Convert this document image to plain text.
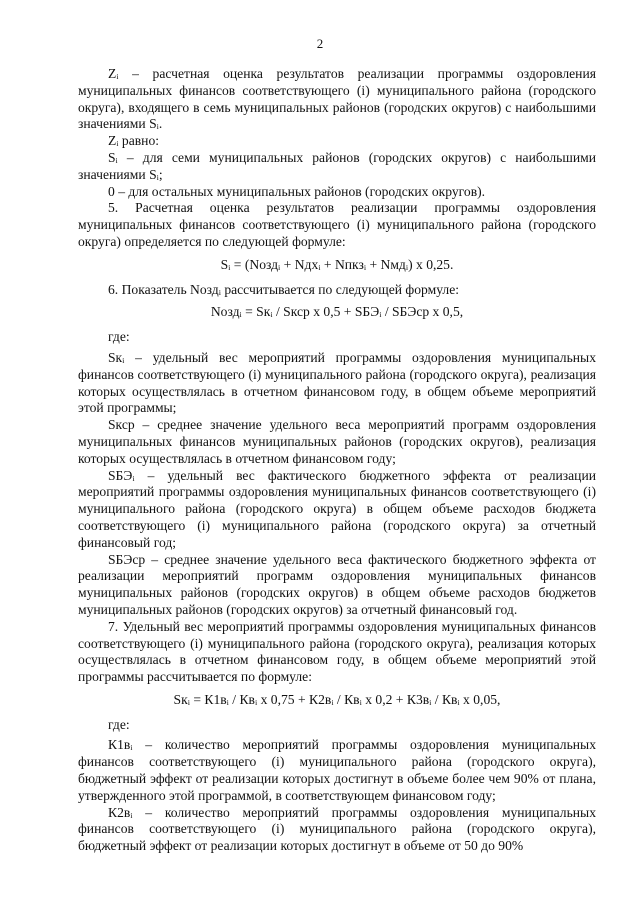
2

Zᵢ – расчетная оценка результатов реализации программы оздоровления муниципальных финансов соответствующего (i) муниципального района (городского округа), входящего в семь муниципальных районов (городских округов) с наибольшими значениями Sᵢ.

Zᵢ равно:

Sᵢ – для семи муниципальных районов (городских округов) с наибольшими значениями Sᵢ;

0 – для остальных муниципальных районов (городских округов).

5. Расчетная оценка результатов реализации программы оздоровления муниципальных финансов соответствующего (i) муниципального района (городского округа) определяется по следующей формуле:

Sᵢ = (Nоздᵢ + Nдхᵢ + Nпкзᵢ + Nмдᵢ) x 0,25.

6. Показатель Nоздᵢ рассчитывается по следующей формуле:

Nоздᵢ = Sкᵢ / Sкср x 0,5 + SБЭᵢ / SБЭср x 0,5,
где:

Sкᵢ – удельный вес мероприятий программы оздоровления муниципальных финансов соответствующего (i) муниципального района (городского округа), реализация которых осуществлялась в отчетном финансовом году, в общем объеме мероприятий этой программы;

Sкср – среднее значение удельного веса мероприятий программ оздоровления муниципальных финансов муниципальных районов (городских округов), реализация которых осуществлялась в отчетном финансовом году;

SБЭᵢ – удельный вес фактического бюджетного эффекта от реализации мероприятий программы оздоровления муниципальных финансов соответствующего (i) муниципального района (городского округа) в общем объеме расходов бюджета соответствующего (i) муниципального района (городского округа) за отчетный финансовый год;

SБЭср – среднее значение удельного веса фактического бюджетного эффекта от реализации мероприятий программ оздоровления муниципальных финансов муниципальных районов (городских округов) в общем объеме расходов бюджетов муниципальных районов (городских округов) за отчетный финансовый год.

7. Удельный вес мероприятий программы оздоровления муниципальных финансов соответствующего (i) муниципального района (городского округа), реализация которых осуществлялась в отчетном финансовом году, в общем объеме мероприятий этой программы рассчитывается по формуле:

Sкᵢ = К1вᵢ / Квᵢ x 0,75 + К2вᵢ / Квᵢ x 0,2 + К3вᵢ / Квᵢ x 0,05,
где:

К1вᵢ – количество мероприятий программы оздоровления муниципальных финансов соответствующего (i) муниципального района (городского округа), бюджетный эффект от реализации которых достигнут в объеме более чем 90% от плана, утвержденного этой программой, в соответствующем финансовом году;

К2вᵢ – количество мероприятий программы оздоровления муниципальных финансов соответствующего (i) муниципального района (городского округа), бюджетный эффект от реализации которых достигнут в объеме от 50 до 90%
